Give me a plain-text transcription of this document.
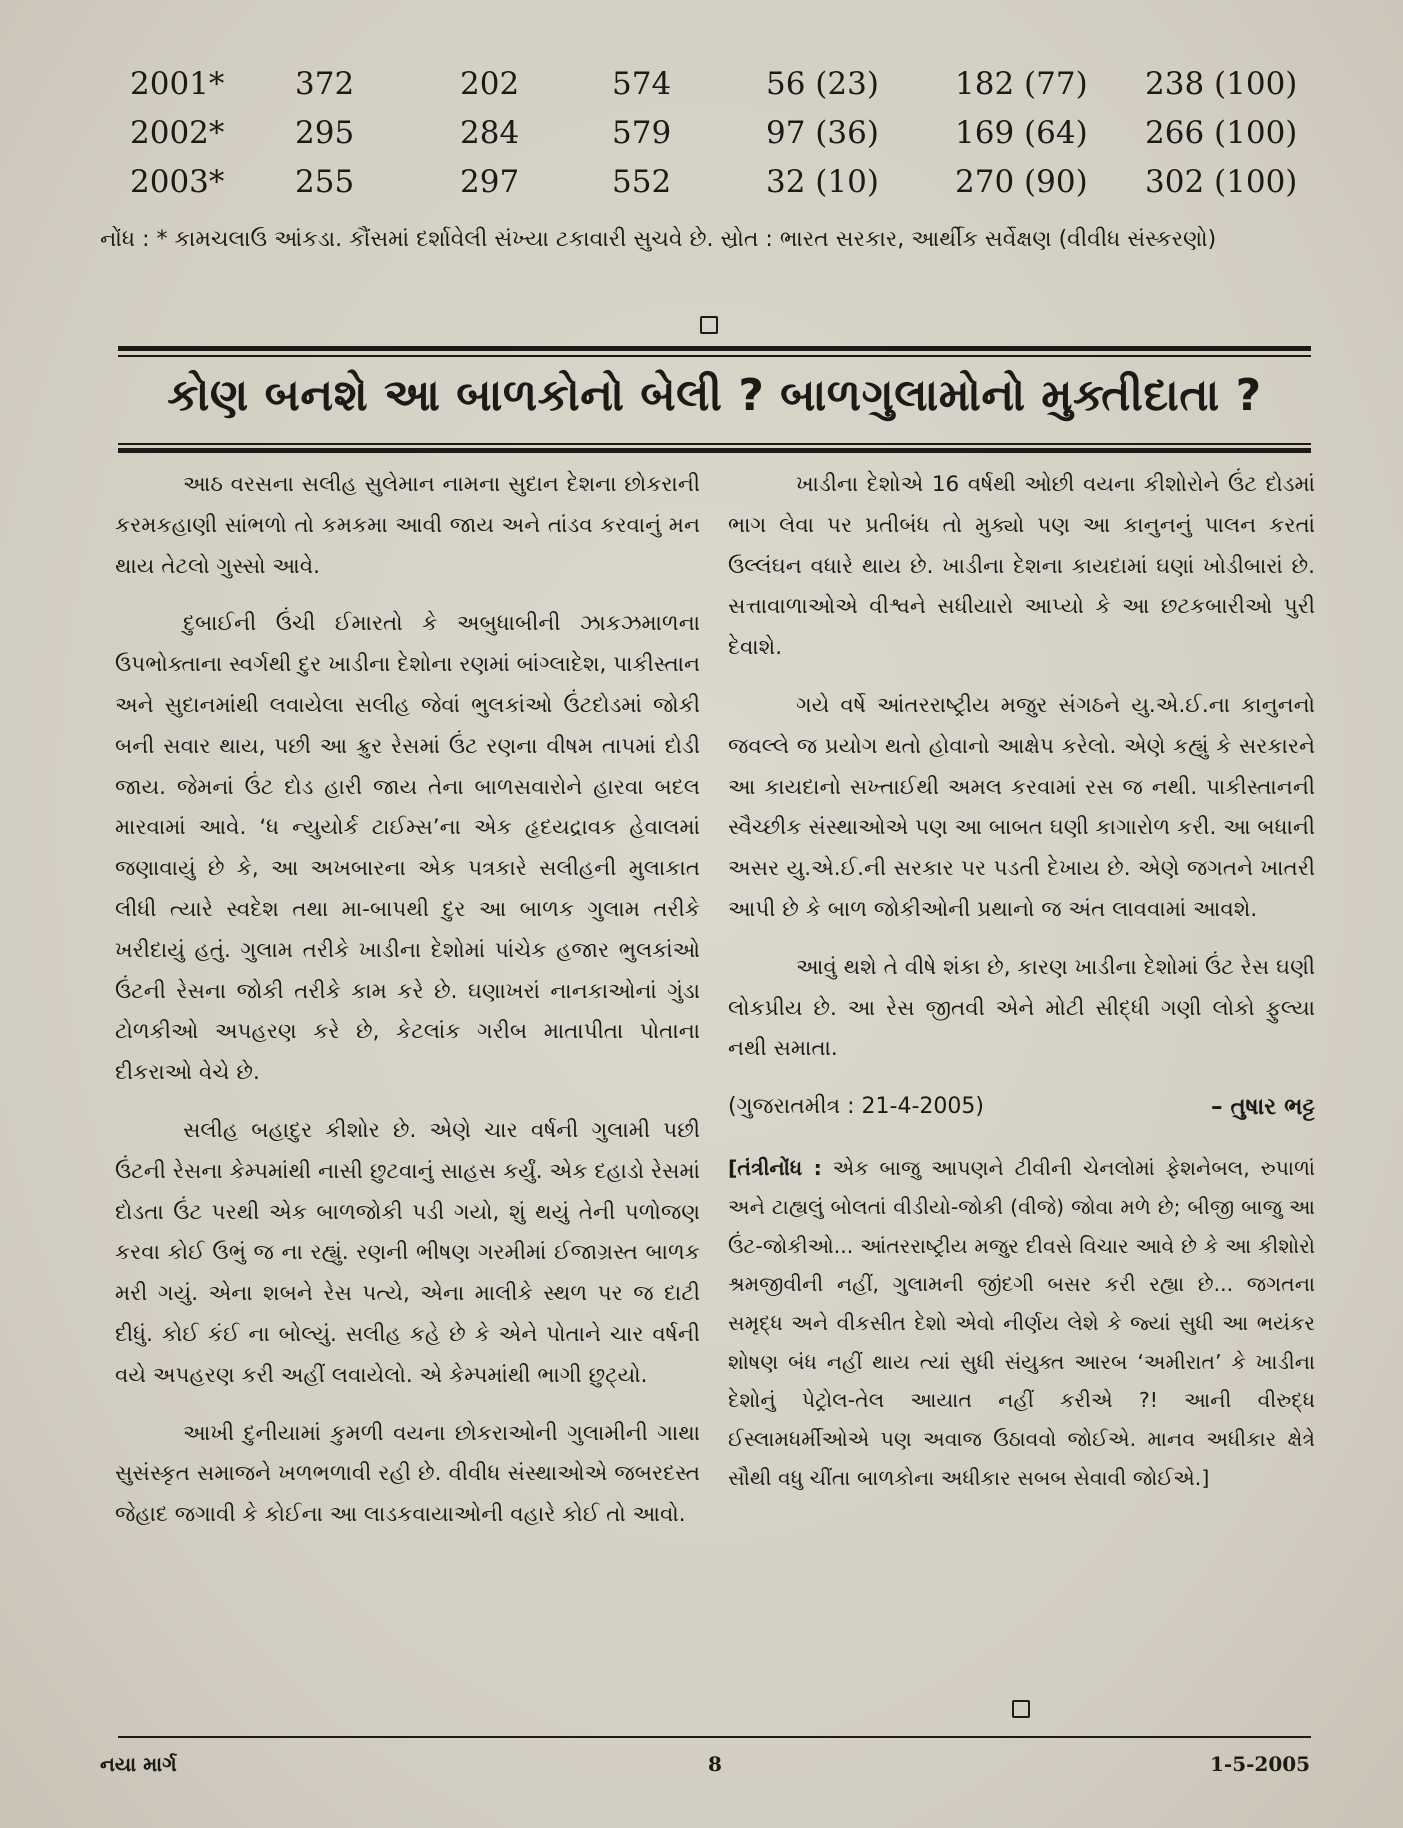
2001* 372	202	574	56 (23) 182 (77) 238 (100)
2002* 295	284	579	97 (36) 169 (64) 266 (100)
2003* 255	297	552	32 (10) 270 (90) 302 (100)
નોંધ : * કામચલાઉ આંકડા. કૌંસમાં દર્શાવેલી સંખ્યા ટકાવારી સુચવે છે. સ્રોત : ભારત સરકાર, આર્થીક સર્વેક્ષણ (વીવીધ સંસ્કરણો)
કોણ બનશે આ બાળકોનો બેલી ? બાળગુલામોનો મુક્તીદાતા ?

આઠ વરસના સલીહ સુલેમાન નામના સુદાન દેશના છોકરાની કરમકહાણી સાંભળો તો કમકમા આવી જાય અને તાંડવ કરવાનું મન થાય તેટલો ગુસ્સો આવે.

દુબાઈની ઉંચી ઈમારતો કે અબુધાબીની ઝાકઝમાળના ઉપભોક્તાના સ્વર્ગથી દુર ખાડીના દેશોના રણમાં બાંગ્લાદેશ, પાકીસ્તાન અને સુદાનમાંથી લવાયેલા સલીહ જેવાં ભુલકાંઓ ઉંટદોડમાં જોકી બની સવાર થાય, પછી આ ક્રુર રેસમાં ઉંટ રણના વીષમ તાપમાં દોડી જાય. જેમનાં ઉંટ દોડ હારી જાય તેના બાળસવારોને હારવા બદલ મારવામાં આવે. ‘ધ ન્યુયોર્ક ટાઈમ્સ’ના એક હૃદયદ્રાવક હેવાલમાં જણાવાયું છે કે, આ અખબારના એક પત્રકારે સલીહની મુલાકાત લીધી ત્યારે સ્વદેશ તથા મા-બાપથી દુર આ બાળક ગુલામ તરીકે ખરીદાયું હતું. ગુલામ તરીકે ખાડીના દેશોમાં પાંચેક હજાર ભુલકાંઓ ઉંટની રેસના જોકી તરીકે કામ કરે છે. ઘણાખરાં નાનકાઓનાં ગુંડા ટોળકીઓ અપહરણ કરે છે, કેટલાંક ગરીબ માતાપીતા પોતાના દીકરાઓ વેચે છે.

સલીહ બહાદુર કીશોર છે. એણે ચાર વર્ષની ગુલામી પછી ઉંટની રેસના કેમ્પમાંથી નાસી છુટવાનું સાહસ કર્યું. એક દહાડો રેસમાં દોડતા ઉંટ પરથી એક બાળજોકી પડી ગયો, શું થયું તેની પળોજણ કરવા કોઈ ઉભું જ ના રહ્યું. રણની ભીષણ ગરમીમાં ઈજાગ્રસ્ત બાળક મરી ગયું. એના શબને રેસ પત્યે, એના માલીકે સ્થળ પર જ દાટી દીધું. કોઈ કંઈ ના બોલ્યું. સલીહ કહે છે કે એને પોતાને ચાર વર્ષની વયે અપહરણ કરી અહીં લવાયેલો. એ કેમ્પમાંથી ભાગી છુટ્યો.

આખી દુનીયામાં કુમળી વયના છોકરાઓની ગુલામીની ગાથા સુસંસ્કૃત સમાજને ખળભળાવી રહી છે. વીવીધ સંસ્થાઓએ જબરદસ્ત જેહાદ જગાવી કે કોઈના આ લાડકવાયાઓની વહારે કોઈ તો આવો.

ખાડીના દેશોએ 16 વર્ષથી ઓછી વયના કીશોરોને ઉંટ દોડમાં ભાગ લેવા પર પ્રતીબંધ તો મુક્યો પણ આ કાનુનનું પાલન કરતાં ઉલ્લંઘન વધારે થાય છે. ખાડીના દેશના કાયદામાં ઘણાં ખોડીબારાં છે. સત્તાવાળાઓએ વીશ્વને સધીયારો આપ્યો કે આ છટકબારીઓ પુરી દેવાશે.

ગયે વર્ષે આંતરરાષ્ટ્રીય મજુર સંગઠને યુ.એ.ઈ.ના કાનુનનો જવલ્લે જ પ્રયોગ થતો હોવાનો આક્ષેપ કરેલો. એણે કહ્યું કે સરકારને આ કાયદાનો સખ્તાઈથી અમલ કરવામાં રસ જ નથી. પાકીસ્તાનની સ્વૈચ્છીક સંસ્થાઓએ પણ આ બાબત ઘણી કાગારોળ કરી. આ બધાની અસર યુ.એ.ઈ.ની સરકાર પર પડતી દેખાય છે. એણે જગતને ખાતરી આપી છે કે બાળ જોકીઓની પ્રથાનો જ અંત લાવવામાં આવશે.

આવું થશે તે વીષે શંકા છે, કારણ ખાડીના દેશોમાં ઉંટ રેસ ઘણી લોકપ્રીય છે. આ રેસ જીતવી એને મોટી સીદ્ધી ગણી લોકો ફુલ્યા નથી સમાતા.

(ગુજરાતમીત્ર : 21-4-2005)	– તુષાર ભટ્ટ
[તંત્રીનોંધ : એક બાજુ આપણને ટીવીની ચેનલોમાં ફેશનેબલ, રુપાળાં અને ટાહ્યલું બોલતાં વીડીયો-જોકી (વીજે) જોવા મળે છે; બીજી બાજુ આ ઉંટ-જોકીઓ... આંતરરાષ્ટ્રીય મજુર દીવસે વિચાર આવે છે કે આ કીશોરો શ્રમજીવીની નહીં, ગુલામની જીંદગી બસર કરી રહ્યા છે... જગતના સમૃદ્ધ અને વીકસીત દેશો એવો નીર્ણય લેશે કે જ્યાં સુધી આ ભયંકર શોષણ બંધ નહીં થાય ત્યાં સુધી સંયુક્ત આરબ ‘અમીરાત’ કે ખાડીના દેશોનું પેટ્રોલ-તેલ આયાત નહીં કરીએ ?! આની વીરુદ્ધ ઈસ્લામધર્મીઓએ પણ અવાજ ઉઠાવવો જોઈએ. માનવ અધીકાર ક્ષેત્રે સૌથી વધુ ચીંતા બાળકોના અધીકાર સબબ સેવાવી જોઈએ.]
નયા માર્ગ	8	1-5-2005
